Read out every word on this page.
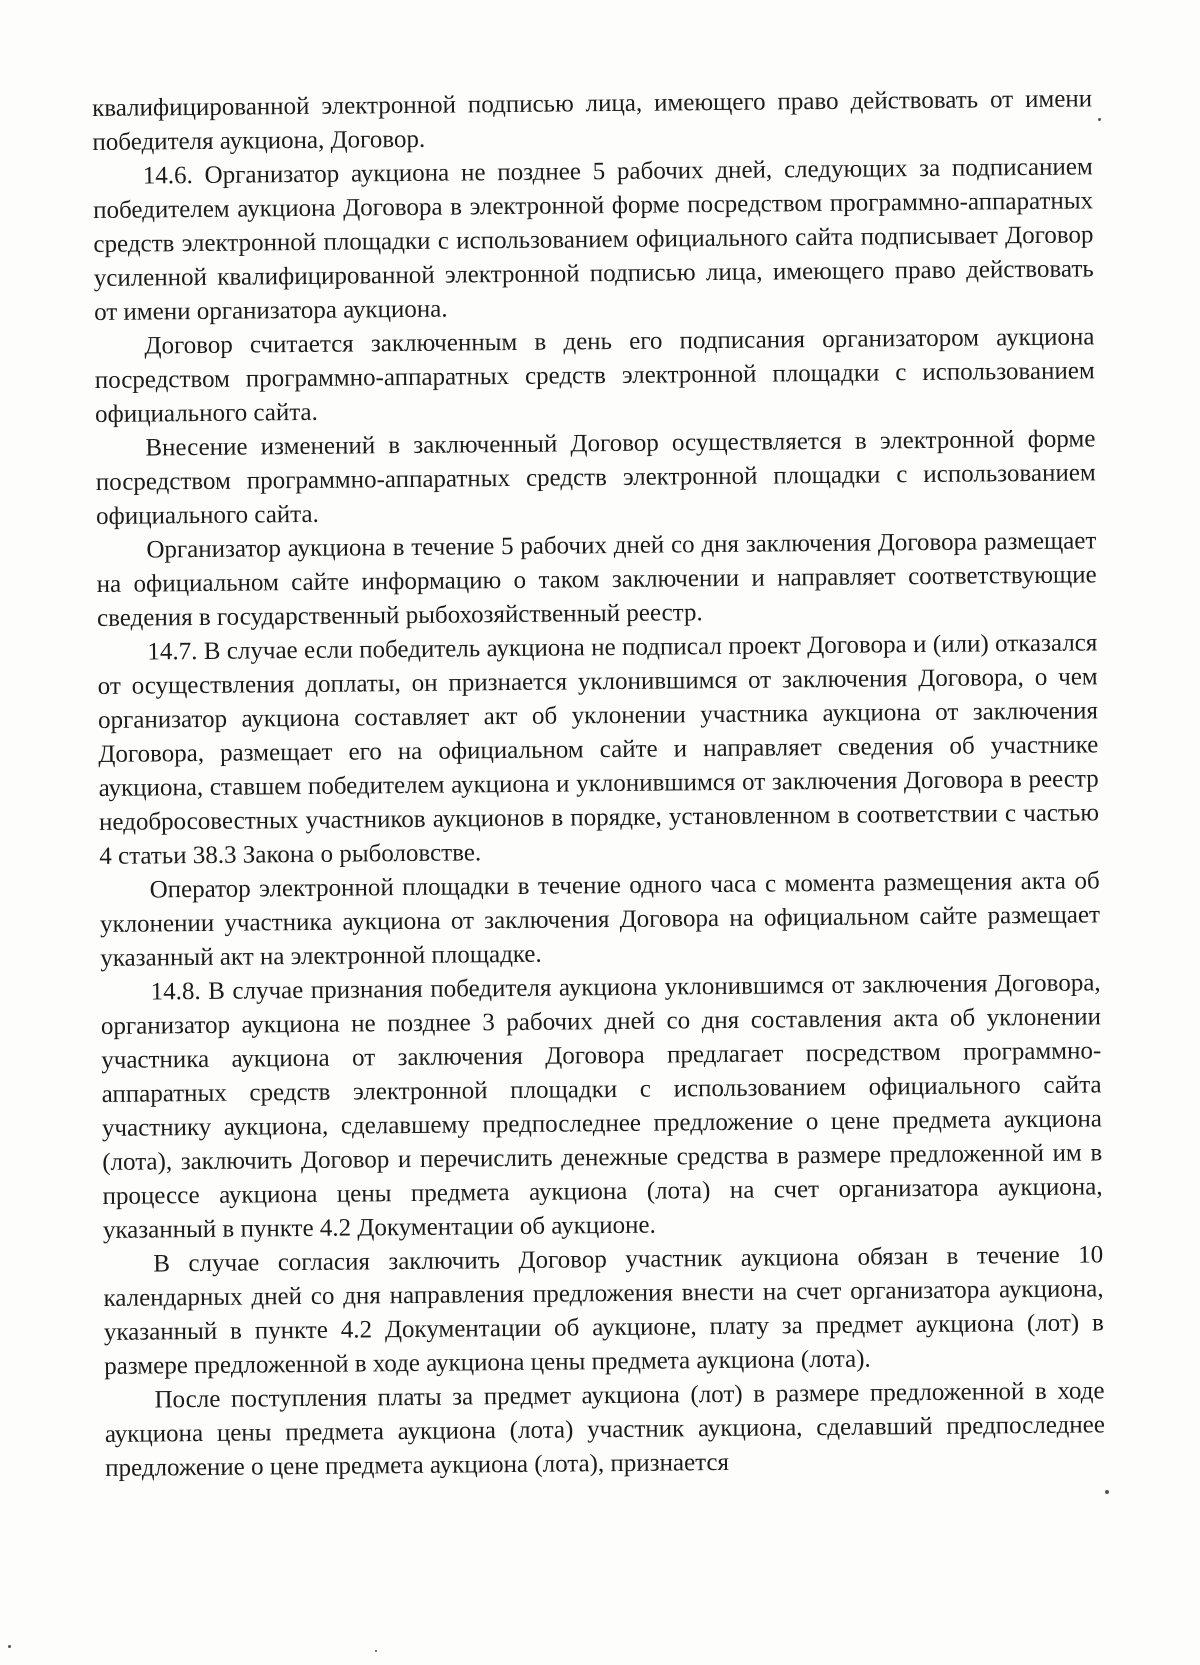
квалифицированной электронной подписью лица, имеющего право действовать от имени победителя аукциона, Договор.

14.6. Организатор аукциона не позднее 5 рабочих дней, следующих за подписанием победителем аукциона Договора в электронной форме посредством программно-аппаратных средств электронной площадки с использованием официального сайта подписывает Договор усиленной квалифицированной электронной подписью лица, имеющего право действовать от имени организатора аукциона.

Договор считается заключенным в день его подписания организатором аукциона посредством программно-аппаратных средств электронной площадки с использованием официального сайта.

Внесение изменений в заключенный Договор осуществляется в электронной форме посредством программно-аппаратных средств электронной площадки с использованием официального сайта.

Организатор аукциона в течение 5 рабочих дней со дня заключения Договора размещает на официальном сайте информацию о таком заключении и направляет соответствующие сведения в государственный рыбохозяйственный реестр.

14.7. В случае если победитель аукциона не подписал проект Договора и (или) отказался от осуществления доплаты, он признается уклонившимся от заключения Договора, о чем организатор аукциона составляет акт об уклонении участника аукциона от заключения Договора, размещает его на официальном сайте и направляет сведения об участнике аукциона, ставшем победителем аукциона и уклонившимся от заключения Договора в реестр недобросовестных участников аукционов в порядке, установленном в соответствии с частью 4 статьи 38.3 Закона о рыболовстве.

Оператор электронной площадки в течение одного часа с момента размещения акта об уклонении участника аукциона от заключения Договора на официальном сайте размещает указанный акт на электронной площадке.

14.8. В случае признания победителя аукциона уклонившимся от заключения Договора, организатор аукциона не позднее 3 рабочих дней со дня составления акта об уклонении участника аукциона от заключения Договора предлагает посредством программно-аппаратных средств электронной площадки с использованием официального сайта участнику аукциона, сделавшему предпоследнее предложение о цене предмета аукциона (лота), заключить Договор и перечислить денежные средства в размере предложенной им в процессе аукциона цены предмета аукциона (лота) на счет организатора аукциона, указанный в пункте 4.2 Документации об аукционе.

В случае согласия заключить Договор участник аукциона обязан в течение 10 календарных дней со дня направления предложения внести на счет организатора аукциона, указанный в пункте 4.2 Документации об аукционе, плату за предмет аукциона (лот) в размере предложенной в ходе аукциона цены предмета аукциона (лота).

После поступления платы за предмет аукциона (лот) в размере предложенной в ходе аукциона цены предмета аукциона (лота) участник аукциона, сделавший предпоследнее предложение о цене предмета аукциона (лота), признается
